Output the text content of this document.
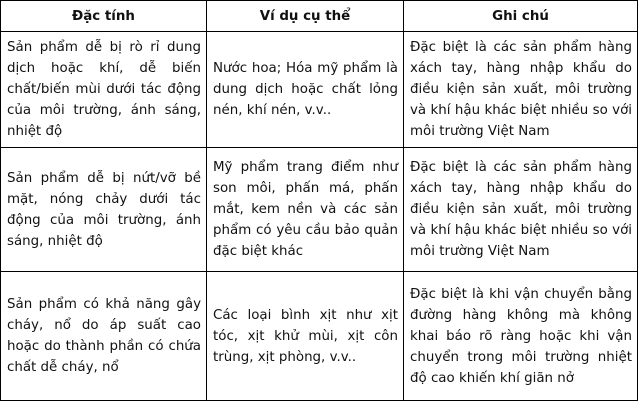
Đặc tính	Ví dụ cụ thể	Ghi chú
Sản phẩm dễ bị rò rỉ dung dịch hoặc khí, dễ biến chất/biến mùi dưới tác động của môi trường, ánh sáng, nhiệt độ	Nước hoa; Hóa mỹ phẩm là dung dịch hoặc chất lỏng nén, khí nén, v.v..	Đặc biệt là các sản phẩm hàng xách tay, hàng nhập khẩu do điều kiện sản xuất, môi trường và khí hậu khác biệt nhiều so với môi trường Việt Nam
Sản phẩm dễ bị nứt/vỡ bề mặt, nóng chảy dưới tác động của môi trường, ánh sáng, nhiệt độ	Mỹ phẩm trang điểm như son môi, phấn má, phấn mắt, kem nền và các sản phẩm có yêu cầu bảo quản đặc biệt khác	Đặc biệt là các sản phẩm hàng xách tay, hàng nhập khẩu do điều kiện sản xuất, môi trường và khí hậu khác biệt nhiều so với môi trường Việt Nam
Sản phẩm có khả năng gây cháy, nổ do áp suất cao hoặc do thành phần có chứa chất dễ cháy, nổ	Các loại bình xịt như xịt tóc, xịt khử mùi, xịt côn trùng, xịt phòng, v.v..	Đặc biệt là khi vận chuyển bằng đường hàng không mà không khai báo rõ ràng hoặc khi vận chuyển trong môi trường nhiệt độ cao khiến khí giãn nở
